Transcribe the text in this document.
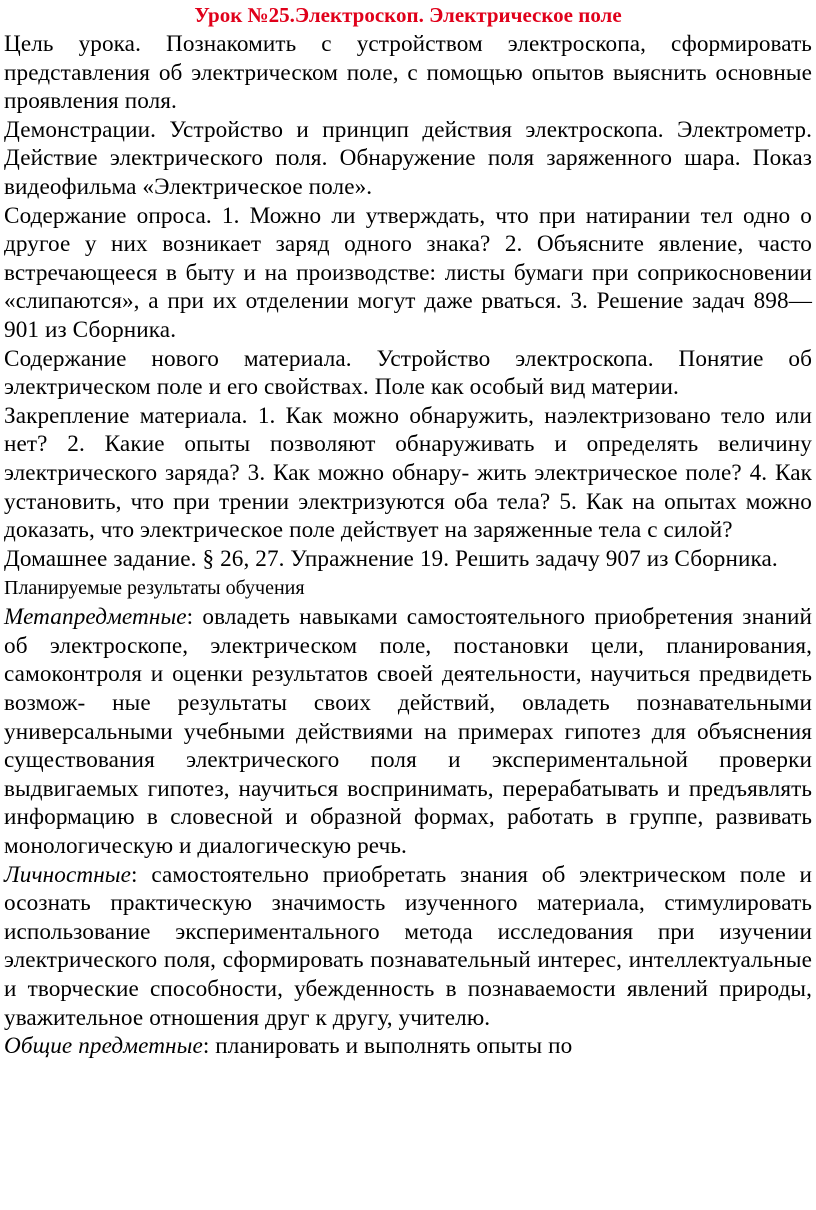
Урок №25.Электроскоп. Электрическое поле

Цель урока. Познакомить с устройством электроскопа, сформировать представления об электрическом поле, с помощью опытов выяснить основные проявления поля.

Демонстрации. Устройство и принцип действия электроскопа. Электрометр. Действие электрического поля. Обнаружение поля заряженного шара. Показ видеофильма «Электрическое поле».

Содержание опроса. 1. Можно ли утверждать, что при натирании тел одно о другое у них возникает заряд одного знака? 2. Объясните явление, часто встречающееся в быту и на производстве: листы бумаги при соприкосновении «слипаются», а при их отделении могут даже рваться. 3. Решение задач 898—901 из Сборника.

Содержание нового материала. Устройство электроскопа. Понятие об электрическом поле и его свойствах. Поле как особый вид материи.

Закрепление материала. 1. Как можно обнаружить, наэлектризовано тело или нет? 2. Какие опыты позволяют обнаруживать и определять величину электрического заряда? 3. Как можно обнару- жить электрическое поле? 4. Как установить, что при трении электризуются оба тела? 5. Как на опытах можно доказать, что электрическое поле действует на заряженные тела с силой?

Домашнее задание. § 26, 27. Упражнение 19. Решить задачу 907 из Сборника.

Планируемые результаты обучения

Метапредметные: овладеть навыками самостоятельного приобретения знаний об электроскопе, электрическом поле, постановки цели, планирования, самоконтроля и оценки результатов своей деятельности, научиться предвидеть возмож- ные результаты своих действий, овладеть познавательными универсальными учебными действиями на примерах гипотез для объяснения существования электрического поля и экспериментальной проверки выдвигаемых гипотез, научиться воспринимать, перерабатывать и предъявлять информацию в словесной и образной формах, работать в группе, развивать монологическую и диалогическую речь.

Личностные: самостоятельно приобретать знания об электрическом поле и осознать практическую значимость изученного материала, стимулировать использование экспериментального метода исследования при изучении электрического поля, сформировать познавательный интерес, интеллектуальные и творческие способности, убежденность в познаваемости явлений природы, уважительное отношения друг к другу, учителю.

Общие предметные: планировать и выполнять опыты по
